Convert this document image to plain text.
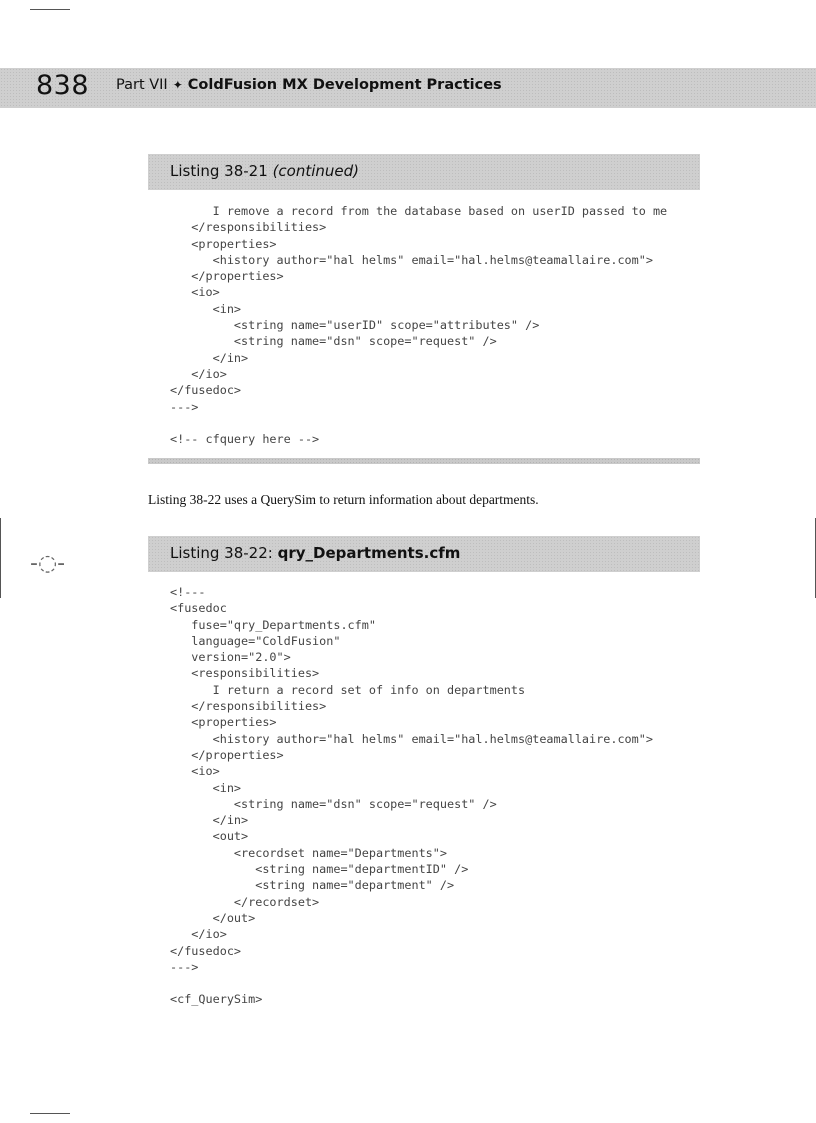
838 Part VII ✦ ColdFusion MX Development Practices
Listing 38-21 (continued)
I remove a record from the database based on userID passed to me
</responsibilities>
<properties>
<history author="hal helms" email="hal.helms@teamallaire.com">
</properties>
<io>
<in>
<string name="userID" scope="attributes" />
<string name="dsn" scope="request" />
</in>
</io>
</fusedoc>
--->

<!-- cfquery here -->
Listing 38-22 uses a QuerySim to return information about departments.
-◌-	Listing 38-22: qry_Departments.cfm
<!---
<fusedoc
fuse="qry_Departments.cfm"
language="ColdFusion"
version="2.0">
<responsibilities>
I return a record set of info on departments
</responsibilities>
<properties>
<history author="hal helms" email="hal.helms@teamallaire.com">
</properties>
<io>
<in>
<string name="dsn" scope="request" />
</in>
<out>
<recordset name="Departments">
<string name="departmentID" />
<string name="department" />
</recordset>
</out>
</io>
</fusedoc>
--->

<cf_QuerySim>
